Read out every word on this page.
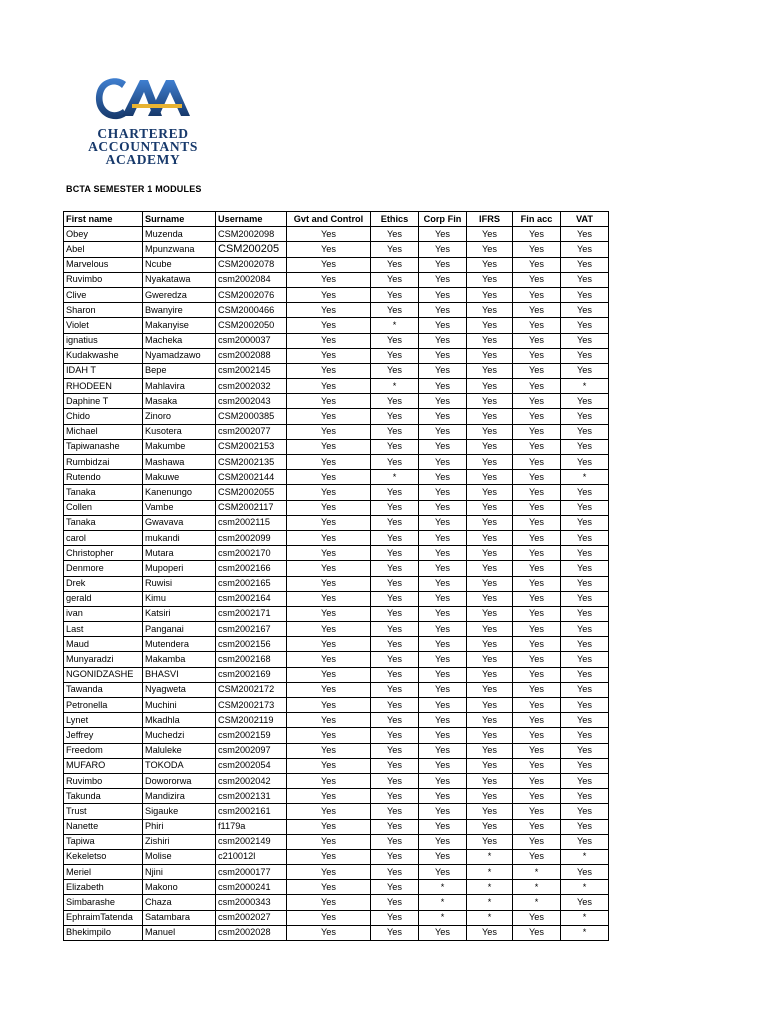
CHARTERED
ACCOUNTANTS
ACADEMY
BCTA SEMESTER 1 MODULES
First name	Surname	Username	Gvt and Control	Ethics	Corp Fin	IFRS	Fin acc	VAT
Obey	Muzenda	CSM2002098	Yes	Yes	Yes	Yes	Yes	Yes
Abel	Mpunzwana	CSM200205	Yes	Yes	Yes	Yes	Yes	Yes
Marvelous	Ncube	CSM2002078	Yes	Yes	Yes	Yes	Yes	Yes
Ruvimbo	Nyakatawa	csm2002084	Yes	Yes	Yes	Yes	Yes	Yes
Clive	Gweredza	CSM2002076	Yes	Yes	Yes	Yes	Yes	Yes
Sharon	Bwanyire	CSM2000466	Yes	Yes	Yes	Yes	Yes	Yes
Violet	Makanyise	CSM2002050	Yes	*	Yes	Yes	Yes	Yes
ignatius	Macheka	csm2000037	Yes	Yes	Yes	Yes	Yes	Yes
Kudakwashe	Nyamadzawo	csm2002088	Yes	Yes	Yes	Yes	Yes	Yes
IDAH T	Bepe	csm2002145	Yes	Yes	Yes	Yes	Yes	Yes
RHODEEN	Mahlavira	csm2002032	Yes	*	Yes	Yes	Yes	*
Daphine T	Masaka	csm2002043	Yes	Yes	Yes	Yes	Yes	Yes
Chido	Zinoro	CSM2000385	Yes	Yes	Yes	Yes	Yes	Yes
Michael	Kusotera	csm2002077	Yes	Yes	Yes	Yes	Yes	Yes
Tapiwanashe	Makumbe	CSM2002153	Yes	Yes	Yes	Yes	Yes	Yes
Rumbidzai	Mashawa	CSM2002135	Yes	Yes	Yes	Yes	Yes	Yes
Rutendo	Makuwe	CSM2002144	Yes	*	Yes	Yes	Yes	*
Tanaka	Kanenungo	CSM2002055	Yes	Yes	Yes	Yes	Yes	Yes
Collen	Vambe	CSM2002117	Yes	Yes	Yes	Yes	Yes	Yes
Tanaka	Gwavava	csm2002115	Yes	Yes	Yes	Yes	Yes	Yes
carol	mukandi	csm2002099	Yes	Yes	Yes	Yes	Yes	Yes
Christopher	Mutara	csm2002170	Yes	Yes	Yes	Yes	Yes	Yes
Denmore	Mupoperi	csm2002166	Yes	Yes	Yes	Yes	Yes	Yes
Drek	Ruwisi	csm2002165	Yes	Yes	Yes	Yes	Yes	Yes
gerald	Kimu	csm2002164	Yes	Yes	Yes	Yes	Yes	Yes
ivan	Katsiri	csm2002171	Yes	Yes	Yes	Yes	Yes	Yes
Last	Panganai	csm2002167	Yes	Yes	Yes	Yes	Yes	Yes
Maud	Mutendera	csm2002156	Yes	Yes	Yes	Yes	Yes	Yes
Munyaradzi	Makamba	csm2002168	Yes	Yes	Yes	Yes	Yes	Yes
NGONIDZASHE	BHASVI	csm2002169	Yes	Yes	Yes	Yes	Yes	Yes
Tawanda	Nyagweta	CSM2002172	Yes	Yes	Yes	Yes	Yes	Yes
Petronella	Muchini	CSM2002173	Yes	Yes	Yes	Yes	Yes	Yes
Lynet	Mkadhla	CSM2002119	Yes	Yes	Yes	Yes	Yes	Yes
Jeffrey	Muchedzi	csm2002159	Yes	Yes	Yes	Yes	Yes	Yes
Freedom	Maluleke	csm2002097	Yes	Yes	Yes	Yes	Yes	Yes
MUFARO	TOKODA	csm2002054	Yes	Yes	Yes	Yes	Yes	Yes
Ruvimbo	Dowororwa	csm2002042	Yes	Yes	Yes	Yes	Yes	Yes
Takunda	Mandizira	csm2002131	Yes	Yes	Yes	Yes	Yes	Yes
Trust	Sigauke	csm2002161	Yes	Yes	Yes	Yes	Yes	Yes
Nanette	Phiri	f1179a	Yes	Yes	Yes	Yes	Yes	Yes
Tapiwa	Zishiri	csm2002149	Yes	Yes	Yes	Yes	Yes	Yes
Kekeletso	Molise	c210012l	Yes	Yes	Yes	*	Yes	*
Meriel	Njini	csm2000177	Yes	Yes	Yes	*	*	Yes
Elizabeth	Makono	csm2000241	Yes	Yes	*	*	*	*
Simbarashe	Chaza	csm2000343	Yes	Yes	*	*	*	Yes
EphraimTatenda	Satambara	csm2002027	Yes	Yes	*	*	Yes	*
Bhekimpilo	Manuel	csm2002028	Yes	Yes	Yes	Yes	Yes	*
